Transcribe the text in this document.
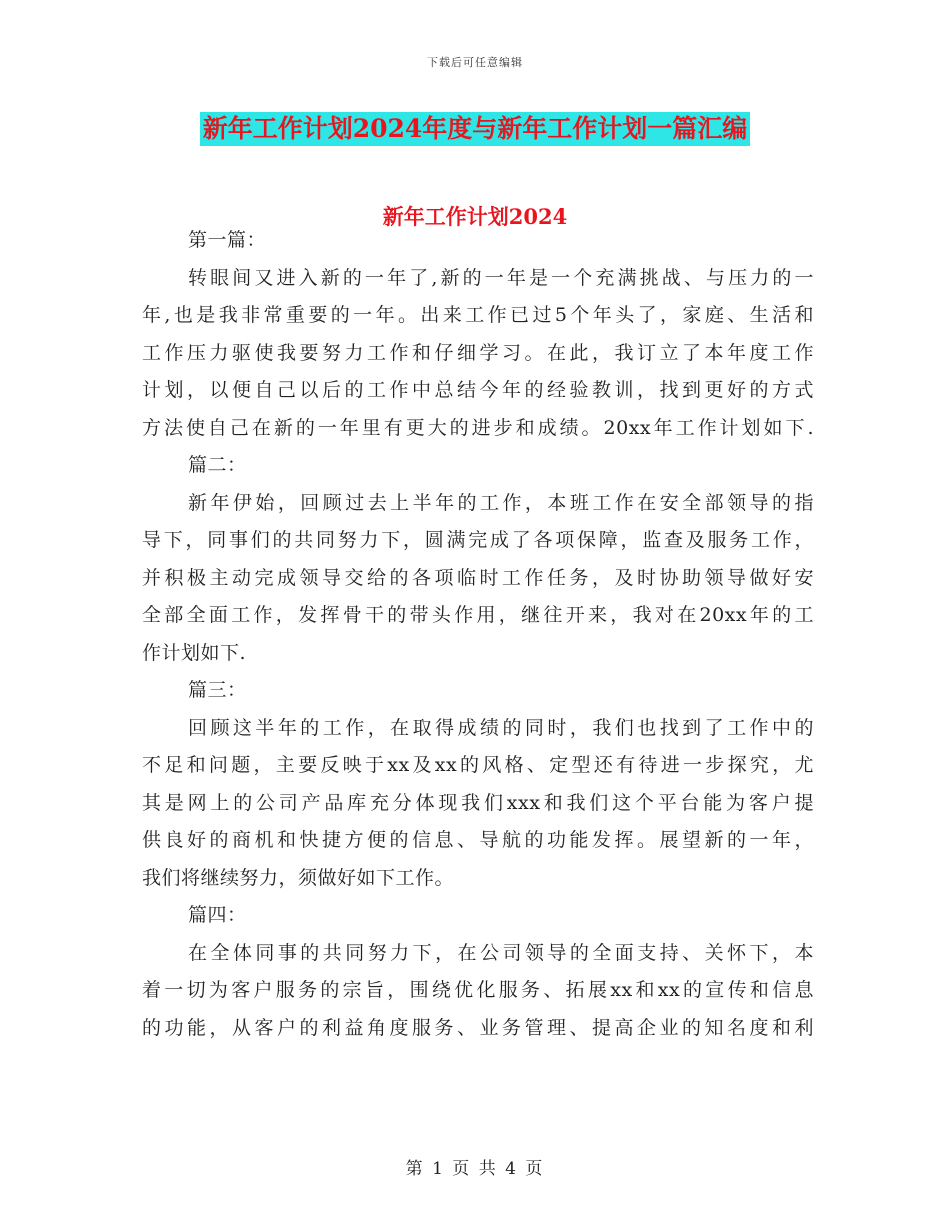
下载后可任意编辑
新年工作计划2024年度与新年工作计划一篇汇编
新年工作计划2024
第一篇：
转眼间又进入新的一年了,新的一年是一个充满挑战、与压力的一
年,也是我非常重要的一年。出来工作已过5个年头了，家庭、生活和
工作压力驱使我要努力工作和仔细学习。在此，我订立了本年度工作
计划，以便自己以后的工作中总结今年的经验教训，找到更好的方式
方法使自己在新的一年里有更大的进步和成绩。20xx年工作计划如下.
篇二：
新年伊始，回顾过去上半年的工作，本班工作在安全部领导的指
导下，同事们的共同努力下，圆满完成了各项保障，监查及服务工作，
并积极主动完成领导交给的各项临时工作任务，及时协助领导做好安
全部全面工作，发挥骨干的带头作用，继往开来，我对在20xx年的工
作计划如下.
篇三：
回顾这半年的工作，在取得成绩的同时，我们也找到了工作中的
不足和问题，主要反映于xx及xx的风格、定型还有待进一步探究，尤
其是网上的公司产品库充分体现我们xxx和我们这个平台能为客户提
供良好的商机和快捷方便的信息、导航的功能发挥。展望新的一年，
我们将继续努力，须做好如下工作。
篇四：
在全体同事的共同努力下，在公司领导的全面支持、关怀下，本
着一切为客户服务的宗旨，围绕优化服务、拓展xx和xx的宣传和信息
的功能，从客户的利益角度服务、业务管理、提高企业的知名度和利
第 1 页 共 4 页
